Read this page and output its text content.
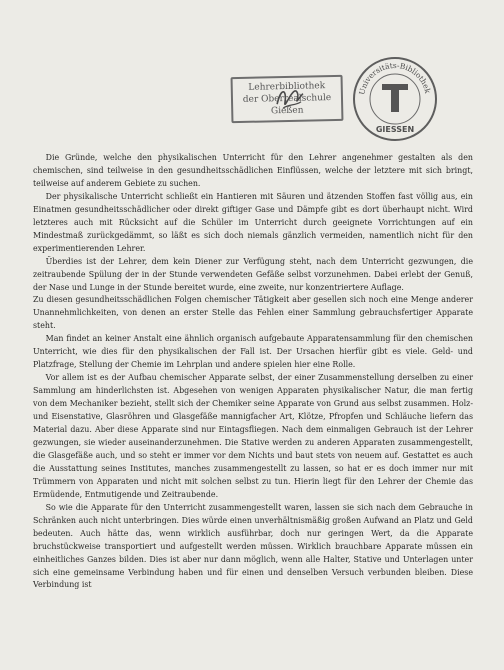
Lehrerbibliothek
der Oberrealschule
Gießen
Universitäts-Bibliothek
GIESSEN

Die Gründe, welche den physikalischen Unterricht für den Lehrer angenehmer gestalten als den chemischen, sind teilweise in den gesundheitsschädlichen Einflüssen, welche der letztere mit sich bringt, teilweise auf anderem Gebiete zu suchen.

Der physikalische Unterricht schließt ein Hantieren mit Säuren und ätzenden Stoffen fast völlig aus, ein Einatmen gesundheitsschädlicher oder direkt giftiger Gase und Dämpfe gibt es dort überhaupt nicht. Wird letzteres auch mit Rücksicht auf die Schüler im Unterricht durch geeignete Vorrichtungen auf ein Mindestmaß zurückgedämmt, so läßt es sich doch niemals gänzlich vermeiden, namentlich nicht für den experimentierenden Lehrer.

Überdies ist der Lehrer, dem kein Diener zur Verfügung steht, nach dem Unterricht gezwungen, die zeitraubende Spülung der in der Stunde verwendeten Gefäße selbst vorzunehmen. Dabei erlebt der Genuß, der Nase und Lunge in der Stunde bereitet wurde, eine zweite, nur konzentriertere Auflage.

Zu diesen gesundheitsschädlichen Folgen chemischer Tätigkeit aber gesellen sich noch eine Menge anderer Unannehmlichkeiten, von denen an erster Stelle das Fehlen einer Sammlung gebrauchsfertiger Apparate steht.

Man findet an keiner Anstalt eine ähnlich organisch aufgebaute Apparatensammlung für den chemischen Unterricht, wie dies für den physikalischen der Fall ist. Der Ursachen hierfür gibt es viele. Geld- und Platzfrage, Stellung der Chemie im Lehrplan und andere spielen hier eine Rolle.

Vor allem ist es der Aufbau chemischer Apparate selbst, der einer Zusammenstellung derselben zu einer Sammlung am hinderlichsten ist. Abgesehen von wenigen Apparaten physikalischer Natur, die man fertig von dem Mechaniker bezieht, stellt sich der Chemiker seine Apparate von Grund aus selbst zusammen. Holz- und Eisenstative, Glasröhren und Glasgefäße mannigfacher Art, Klötze, Pfropfen und Schläuche liefern das Material dazu. Aber diese Apparate sind nur Eintagsfliegen. Nach dem einmaligen Gebrauch ist der Lehrer gezwungen, sie wieder auseinanderzunehmen. Die Stative werden zu anderen Apparaten zusammengestellt, die Glasgefäße auch, und so steht er immer vor dem Nichts und baut stets von neuem auf. Gestattet es auch die Ausstattung seines Institutes, manches zusammengestellt zu lassen, so hat er es doch immer nur mit Trümmern von Apparaten und nicht mit solchen selbst zu tun. Hierin liegt für den Lehrer der Chemie das Ermüdende, Entmutigende und Zeitraubende.

So wie die Apparate für den Unterricht zusammengestellt waren, lassen sie sich nach dem Gebrauche in Schränken auch nicht unterbringen. Dies würde einen unverhältnismäßig großen Aufwand an Platz und Geld bedeuten. Auch hätte das, wenn wirklich ausführbar, doch nur geringen Wert, da die Apparate bruchstückweise transportiert und aufgestellt werden müssen. Wirklich brauchbare Apparate müssen ein einheitliches Ganzes bilden. Dies ist aber nur dann möglich, wenn alle Halter, Stative und Unterlagen unter sich eine gemeinsame Verbindung haben und für einen und denselben Versuch verbunden bleiben. Diese Verbindung ist
